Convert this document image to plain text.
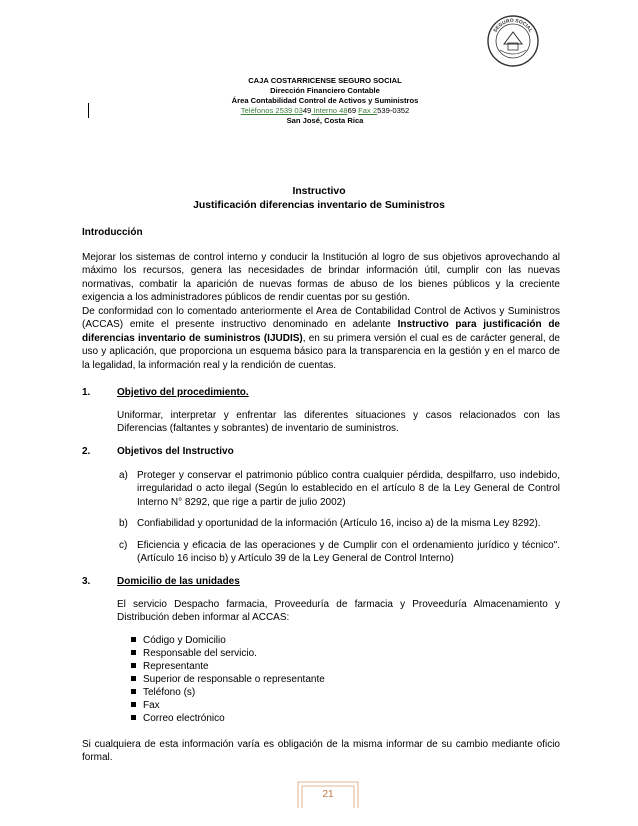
SEGURO SOCIAL
CAJA COSTARRICENSE SEGURO SOCIAL
Dirección Financiero Contable
Área Contabilidad Control de Activos y Suministros
Teléfonos 2539 0349 Interno 4869 Fax 2539-0352
San José, Costa Rica
Instructivo
Justificación diferencias inventario de Suministros
Introducción
Mejorar los sistemas de control interno y conducir la Institución al logro de sus objetivos aprovechando al máximo los recursos, genera las necesidades de brindar información útil, cumplir con las nuevas normativas, combatir la aparición de nuevas formas de abuso de los bienes públicos y la creciente exigencia a los administradores públicos de rendir cuentas por su gestión.
De conformidad con lo comentado anteriormente el Area de Contabilidad Control de Activos y Suministros (ACCAS) emite el presente instructivo denominado en adelante Instructivo para justificación de diferencias inventario de suministros (IJUDIS), en su primera versión el cual es de carácter general, de uso y aplicación, que proporciona un esquema básico para la transparencia en la gestión y en el marco de la legalidad, la información real y la rendición de cuentas.
1.	Objetivo del procedimiento.
Uniformar, interpretar y enfrentar las diferentes situaciones y casos relacionados con las Diferencias (faltantes y sobrantes) de inventario de suministros.
2.	Objetivos del Instructivo
a) Proteger y conservar el patrimonio público contra cualquier pérdida, despilfarro, uso indebido, irregularidad o acto ilegal (Según lo establecido en el artículo 8 de la Ley General de Control Interno N° 8292, que rige a partir de julio 2002)
b) Confiabilidad y oportunidad de la información (Artículo 16, inciso a) de la misma Ley 8292).
c) Eficiencia y eficacia de las operaciones y de Cumplir con el ordenamiento jurídico y técnico". (Artículo 16 inciso b) y Artículo 39 de la Ley General de Control Interno)
3.	Domicilio de las unidades
El servicio Despacho farmacia, Proveeduría de farmacia y Proveeduría Almacenamiento y Distribución deben informar al ACCAS:
Código y Domicilio
Responsable del servicio.
Representante
Superior de responsable o representante
Teléfono (s)
Fax
Correo electrónico
Si cualquiera de esta información varía es obligación de la misma informar de su cambio mediante oficio formal.
21
